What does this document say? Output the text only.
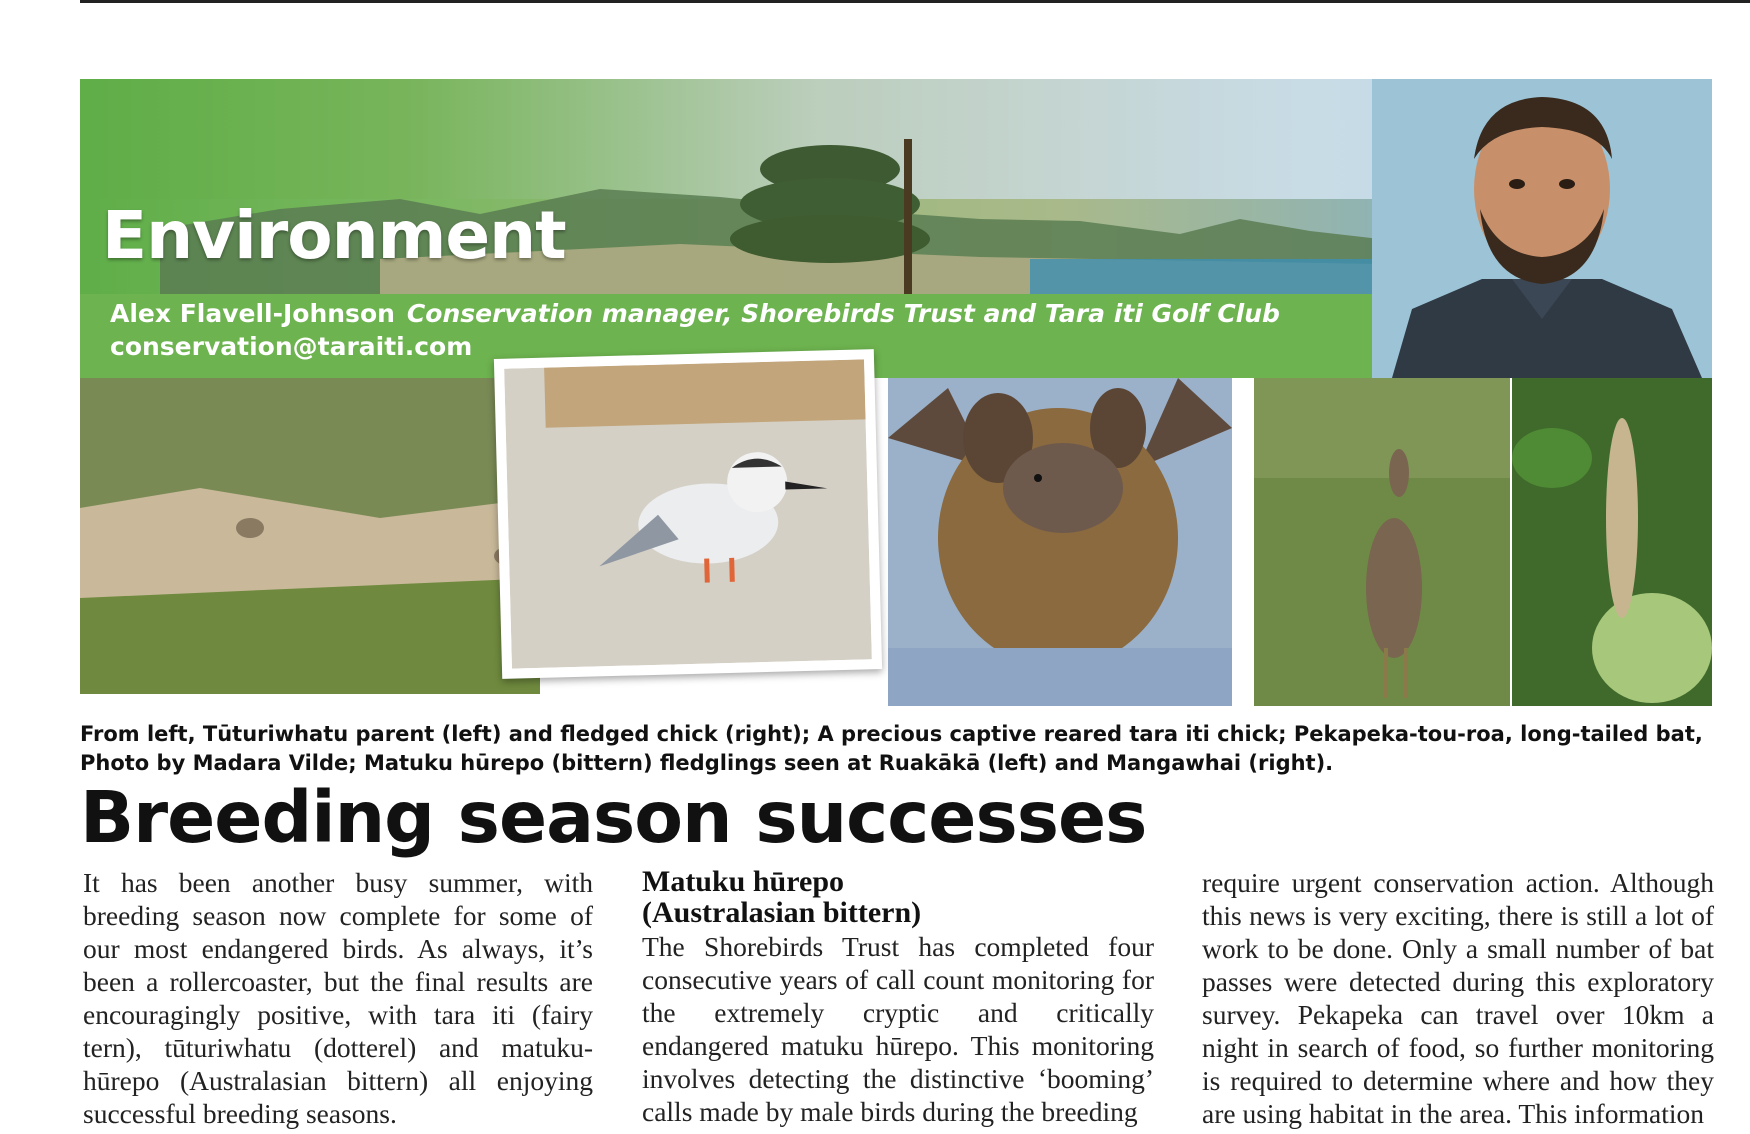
Environment
Alex Flavell-Johnson Conservation manager, Shorebirds Trust and Tara iti Golf Club
conservation@taraiti.com
From left, Tūturiwhatu parent (left) and fledged chick (right); A precious captive reared tara iti chick; Pekapeka-tou-roa, long-tailed bat, Photo by Madara Vilde; Matuku hūrepo (bittern) fledglings seen at Ruakākā (left) and Mangawhai (right).
Breeding season successes

It has been another busy summer, with breeding season now complete for some of our most endangered birds. As always, it’s been a rollercoaster, but the final results are encouragingly positive, with tara iti (fairy tern), tūturiwhatu (dotterel) and matuku-hūrepo (Australasian bittern) all enjoying successful breeding seasons.

Matuku hūrepo
(Australasian bittern)

The Shorebirds Trust has completed four consecutive years of call count monitoring for the extremely cryptic and critically endangered matuku hūrepo. This monitoring involves detecting the distinctive ‘booming’ calls made by male birds during the breeding

require urgent conservation action. Although this news is very exciting, there is still a lot of work to be done. Only a small number of bat passes were detected during this exploratory survey. Pekapeka can travel over 10km a night in search of food, so further monitoring is required to determine where and how they are using habitat in the area. This information
